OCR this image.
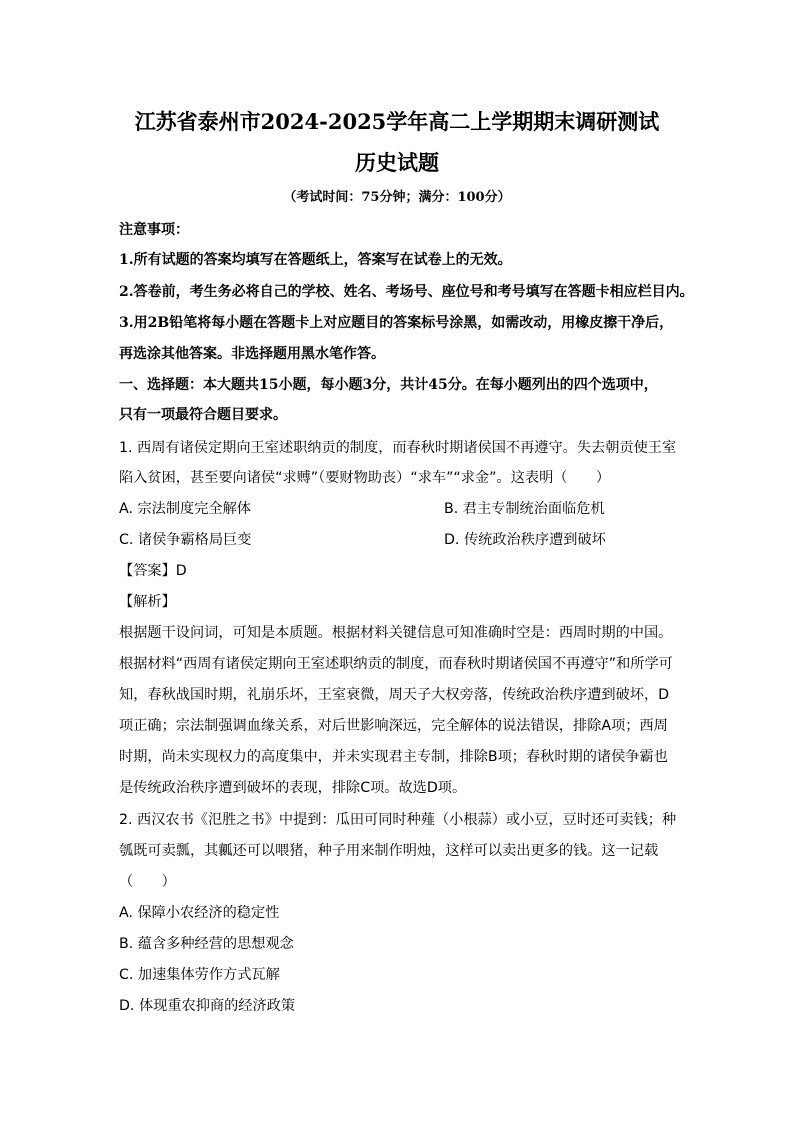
江苏省泰州市2024-2025学年高二上学期期末调研测试
历史试题
（考试时间：75分钟；满分：100分）
注意事项：
1.所有试题的答案均填写在答题纸上，答案写在试卷上的无效。
2.答卷前，考生务必将自己的学校、姓名、考场号、座位号和考号填写在答题卡相应栏目内。
3.用2B铅笔将每小题在答题卡上对应题目的答案标号涂黑，如需改动，用橡皮擦干净后，
再选涂其他答案。非选择题用黑水笔作答。
一、选择题：本大题共15小题，每小题3分，共计45分。在每小题列出的四个选项中，
只有一项最符合题目要求。
1. 西周有诸侯定期向王室述职纳贡的制度，而春秋时期诸侯国不再遵守。失去朝贡使王室
陷入贫困，甚至要向诸侯“求赙”（要财物助丧）“求车”“求金”。这表明（　　）
A. 宗法制度完全解体	B. 君主专制统治面临危机
C. 诸侯争霸格局巨变	D. 传统政治秩序遭到破坏
【答案】D
【解析】
根据题干设问词，可知是本质题。根据材料关键信息可知准确时空是：西周时期的中国。
根据材料“西周有诸侯定期向王室述职纳贡的制度，而春秋时期诸侯国不再遵守”和所学可
知，春秋战国时期，礼崩乐坏，王室衰微，周天子大权旁落，传统政治秩序遭到破坏，D
项正确；宗法制强调血缘关系，对后世影响深远，完全解体的说法错误，排除A项；西周
时期，尚未实现权力的高度集中，并未实现君主专制，排除B项；春秋时期的诸侯争霸也
是传统政治秩序遭到破坏的表现，排除C项。故选D项。
2. 西汉农书《氾胜之书》中提到：瓜田可同时种薤（小根蒜）或小豆，豆时还可卖钱；种
瓠既可卖瓢，其瓤还可以喂猪，种子用来制作明烛，这样可以卖出更多的钱。这一记载
（　　）
A. 保障小农经济的稳定性
B. 蕴含多种经营的思想观念
C. 加速集体劳作方式瓦解
D. 体现重农抑商的经济政策
